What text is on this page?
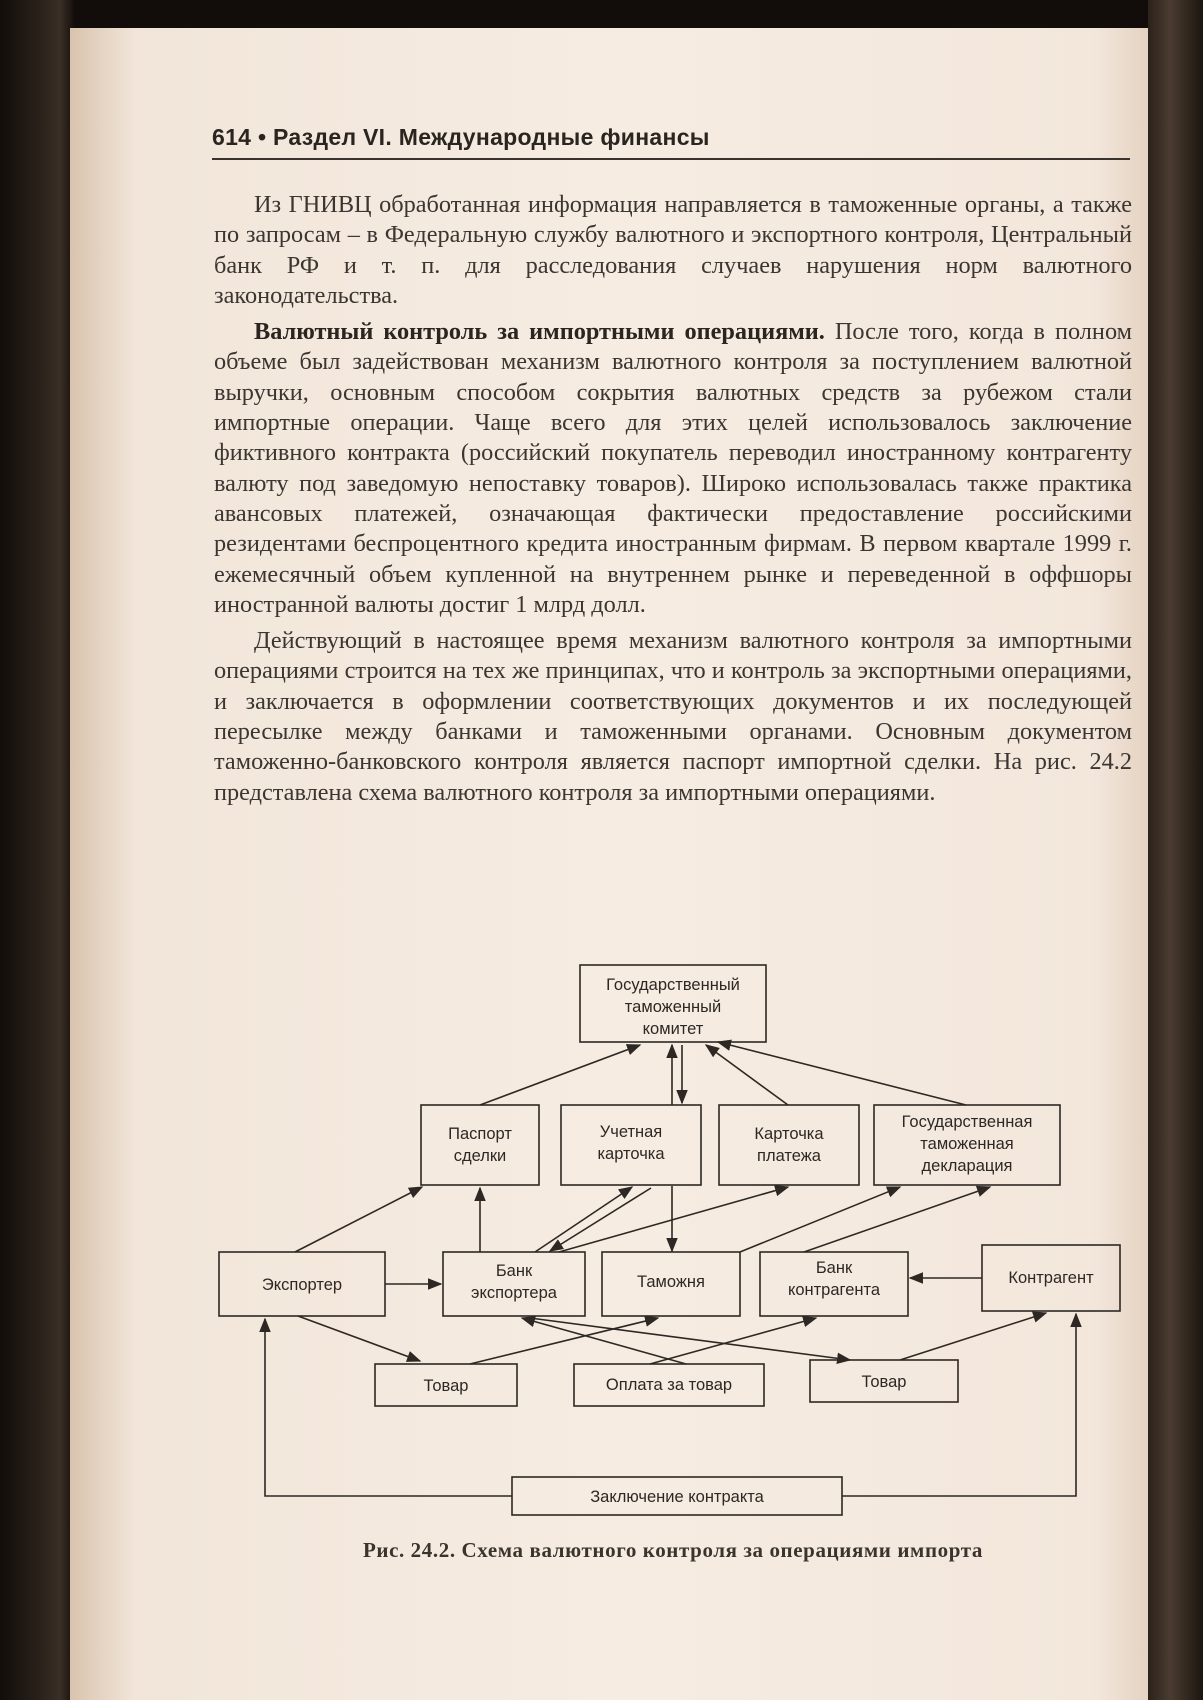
614 • Раздел VI. Международные финансы

Из ГНИВЦ обработанная информация направляется в таможенные органы, а также по запросам – в Федеральную службу валютного и экспортного контроля, Центральный банк РФ и т. п. для расследования случаев нарушения норм валютного законодательства.

Валютный контроль за импортными операциями. После того, когда в полном объеме был задействован механизм валютного контроля за поступлением валютной выручки, основным способом сокрытия валютных средств за рубежом стали импортные операции. Чаще всего для этих целей использовалось заключение фиктивного контракта (российский покупатель переводил иностранному контрагенту валюту под заведомую непоставку товаров). Широко использовалась также практика авансовых платежей, означающая фактически предоставление российскими резидентами беспроцентного кредита иностранным фирмам. В первом квартале 1999 г. ежемесячный объем купленной на внутреннем рынке и переведенной в оффшоры иностранной валюты достиг 1 млрд долл.

Действующий в настоящее время механизм валютного контроля за импортными операциями строится на тех же принципах, что и контроль за экспортными операциями, и заключается в оформлении соответствующих документов и их последующей пересылке между банками и таможенными органами. Основным документом таможенно-банковского контроля является паспорт импортной сделки. На рис. 24.2 представлена схема валютного контроля за импортными операциями.

Государственный
таможенный
комитет
Паспорт
сделки
Учетная
карточка
Карточка
платежа
Государственная
таможенная
декларация
Экспортер
Банк
экспортера
Таможня
Банк
контрагента
Контрагент
Товар	Оплата за товар	Товар
Заключение контракта
Рис. 24.2. Схема валютного контроля за операциями импорта
